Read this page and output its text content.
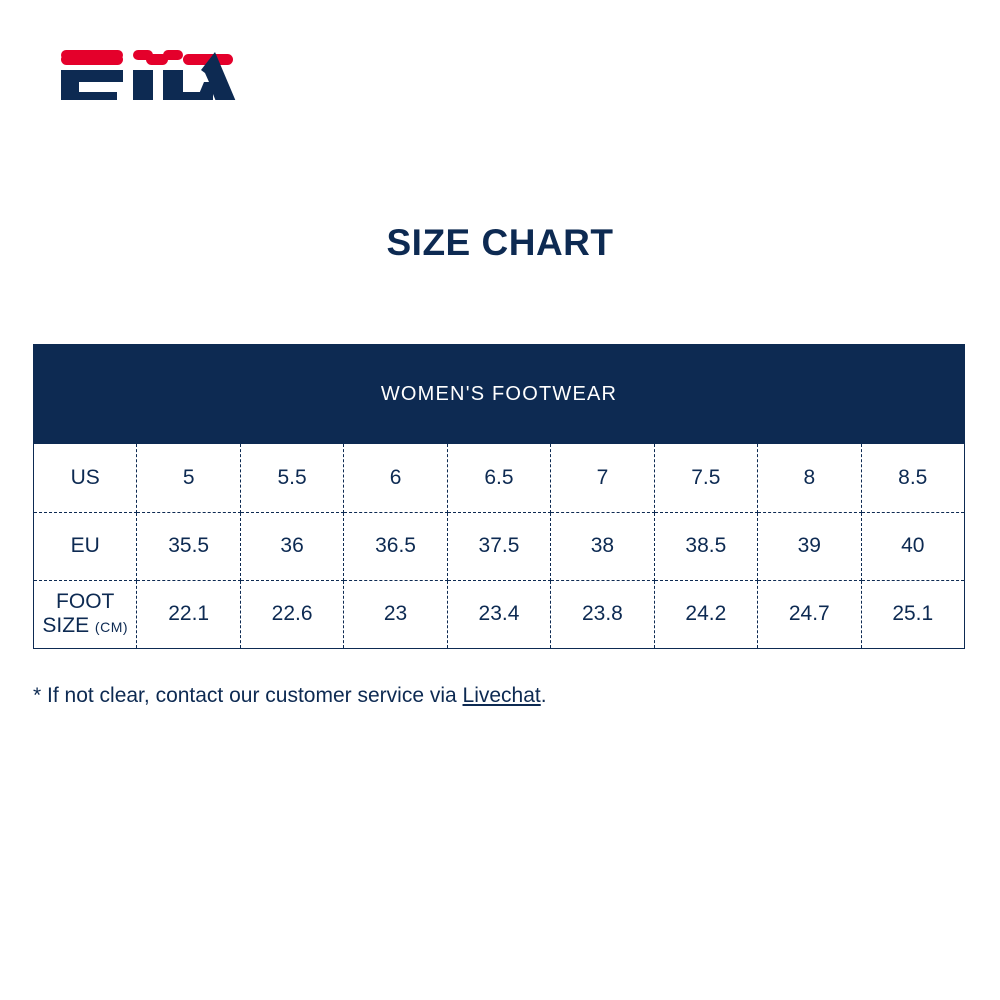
SIZE CHART
WOMEN'S FOOTWEAR								
US	5	5.5	6	6.5	7	7.5	8	8.5
EU	35.5	36	36.5	37.5	38	38.5	39	40
FOOT SIZE (CM)	22.1	22.6	23	23.4	23.8	24.2	24.7	25.1
* If not clear, contact our customer service via Livechat.
